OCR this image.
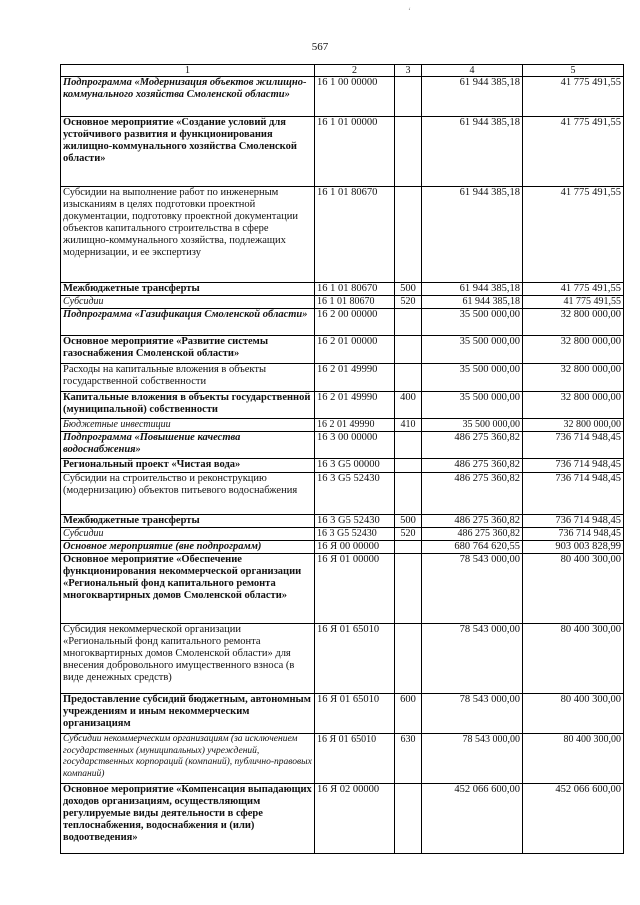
‘
567
1	2	3	4	5
Подпрограмма «Модернизация объектов жилищно-коммунального хозяйства Смоленской области»	16 1 00 00000		61 944 385,18	41 775 491,55
Основное мероприятие «Создание условий для устойчивого развития и функционирования жилищно-коммунального хозяйства Смоленской области»	16 1 01 00000		61 944 385,18	41 775 491,55
Субсидии на выполнение работ по инженерным изысканиям в целях подготовки проектной документации, подготовку проектной документации объектов капитального строительства в сфере жилищно-коммунального хозяйства, подлежащих модернизации, и ее экспертизу	16 1 01 80670		61 944 385,18	41 775 491,55
Межбюджетные трансферты	16 1 01 80670	500	61 944 385,18	41 775 491,55
Субсидии	16 1 01 80670	520	61 944 385,18	41 775 491,55
Подпрограмма «Газификация Смоленской области»	16 2 00 00000		35 500 000,00	32 800 000,00
Основное мероприятие «Развитие системы газоснабжения Смоленской области»	16 2 01 00000		35 500 000,00	32 800 000,00
Расходы на капитальные вложения в объекты государственной собственности	16 2 01 49990		35 500 000,00	32 800 000,00
Капитальные вложения в объекты государственной (муниципальной) собственности	16 2 01 49990	400	35 500 000,00	32 800 000,00
Бюджетные инвестиции	16 2 01 49990	410	35 500 000,00	32 800 000,00
Подпрограмма «Повышение качества водоснабжения»	16 3 00 00000		486 275 360,82	736 714 948,45
Региональный проект «Чистая вода»	16 3 G5 00000		486 275 360,82	736 714 948,45
Субсидии на строительство и реконструкцию (модернизацию) объектов питьевого водоснабжения	16 3 G5 52430		486 275 360,82	736 714 948,45
Межбюджетные трансферты	16 3 G5 52430	500	486 275 360,82	736 714 948,45
Субсидии	16 3 G5 52430	520	486 275 360,82	736 714 948,45
Основное мероприятие (вне подпрограмм)	16 Я 00 00000		680 764 620,55	903 003 828,99
Основное мероприятие «Обеспечение функционирования некоммерческой организации «Региональный фонд капитального ремонта многоквартирных домов Смоленской области»	16 Я 01 00000		78 543 000,00	80 400 300,00
Субсидия некоммерческой организации «Региональный фонд капитального ремонта многоквартирных домов Смоленской области» для внесения добровольного имущественного взноса (в виде денежных средств)	16 Я 01 65010		78 543 000,00	80 400 300,00
Предоставление субсидий бюджетным, автономным учреждениям и иным некоммерческим организациям	16 Я 01 65010	600	78 543 000,00	80 400 300,00
Субсидии некоммерческим организациям (за исключением государственных (муниципальных) учреждений, государственных корпораций (компаний), публично-правовых компаний)	16 Я 01 65010	630	78 543 000,00	80 400 300,00
Основное мероприятие «Компенсация выпадающих доходов организациям, осуществляющим регулируемые виды деятельности в сфере теплоснабжения, водоснабжения и (или) водоотведения»	16 Я 02 00000		452 066 600,00	452 066 600,00
